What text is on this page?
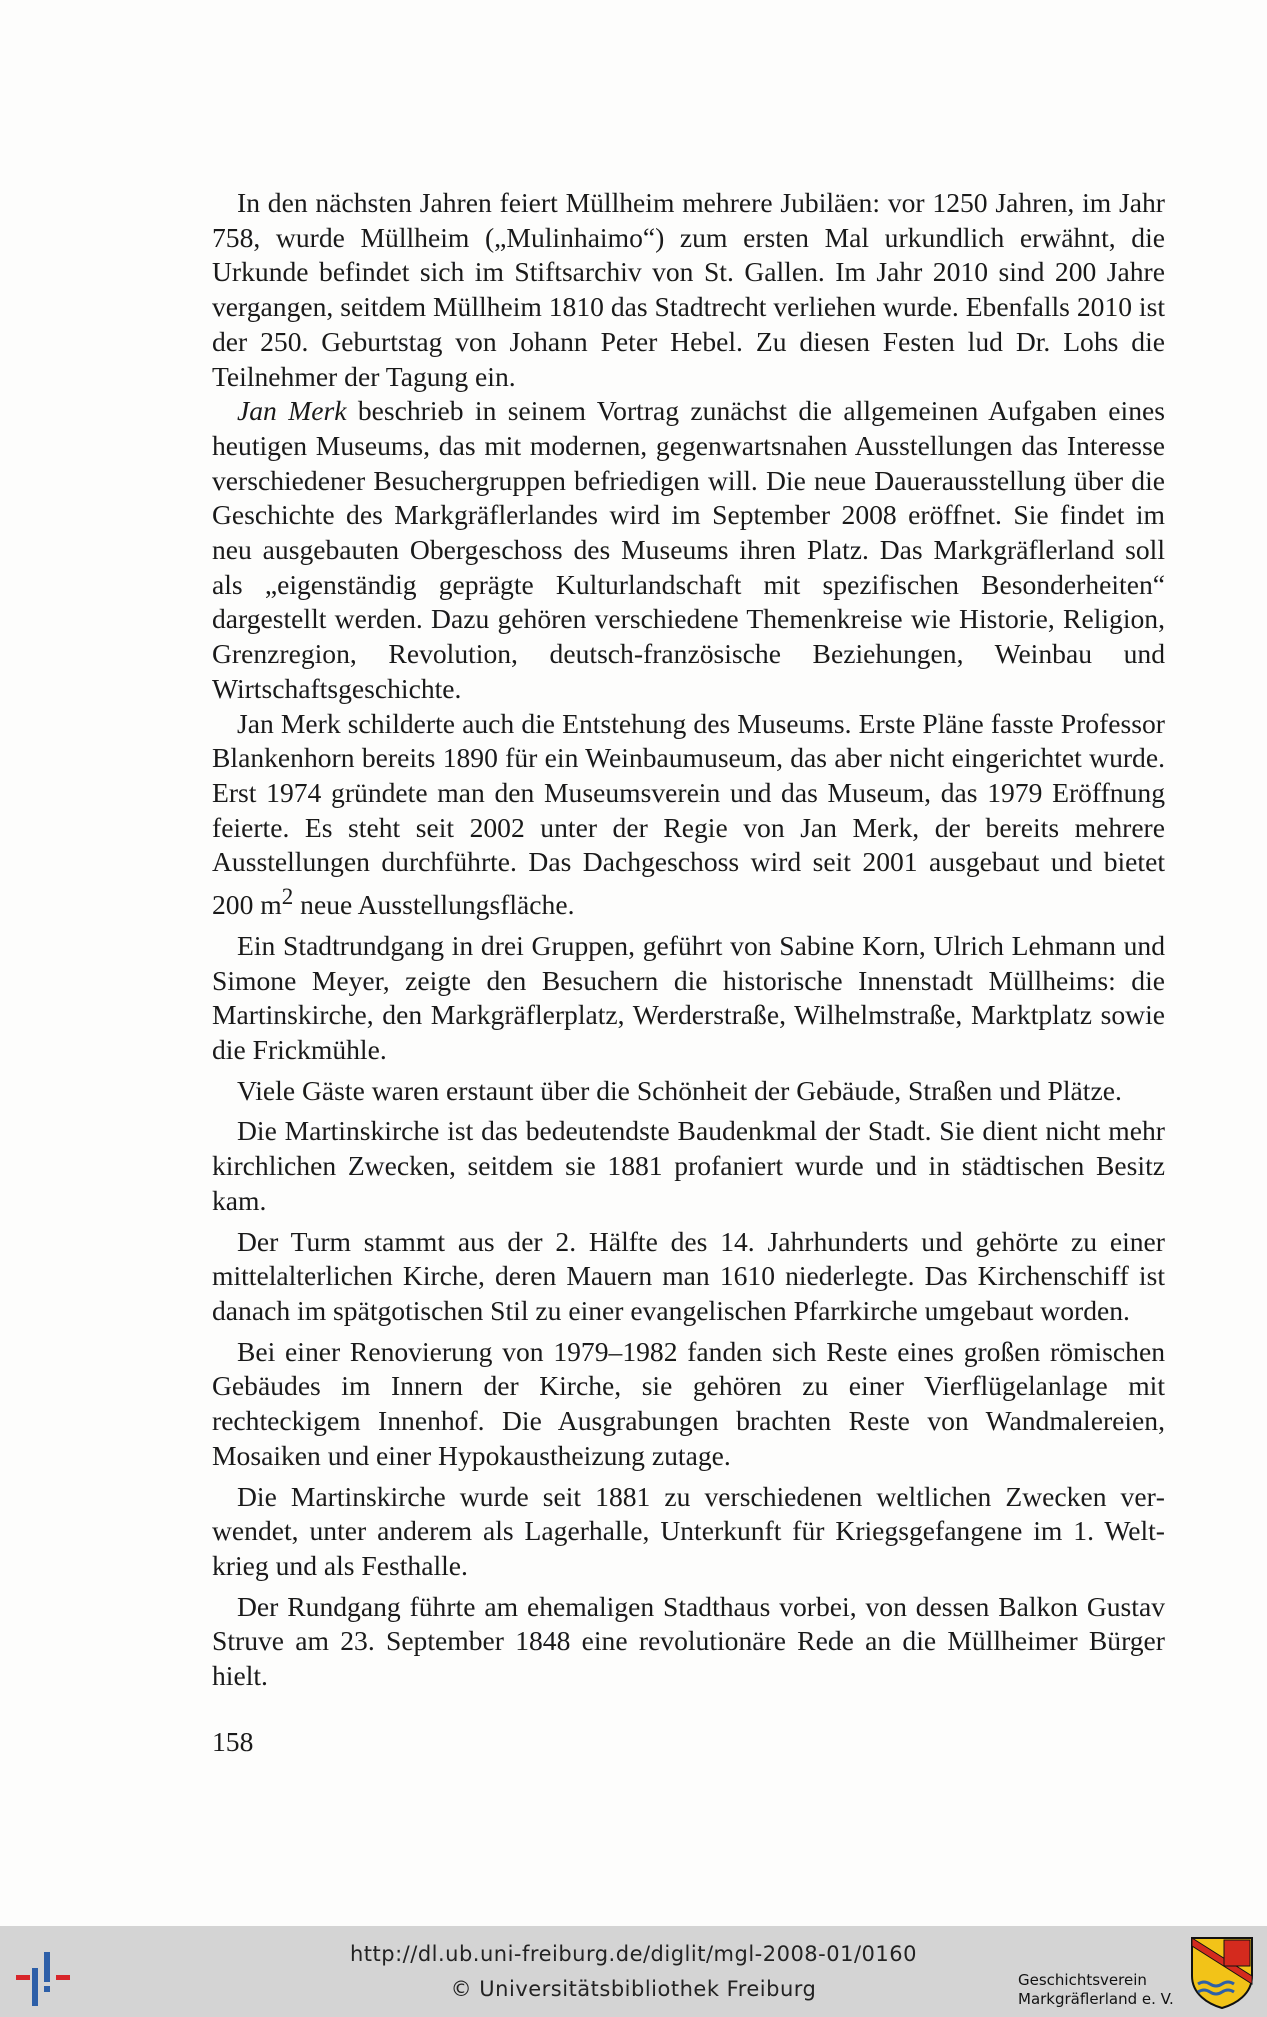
In den nächsten Jahren feiert Müllheim mehrere Jubiläen: vor 1250 Jahren, im Jahr 758, wurde Müllheim („Mulinhaimo“) zum ersten Mal urkundlich erwähnt, die Urkunde befindet sich im Stiftsarchiv von St. Gallen. Im Jahr 2010 sind 200 Jahre vergangen, seitdem Müllheim 1810 das Stadtrecht verliehen wurde. Ebenfalls 2010 ist der 250. Geburtstag von Johann Peter Hebel. Zu diesen Festen lud Dr. Lohs die Teilnehmer der Tagung ein.

Jan Merk beschrieb in seinem Vortrag zunächst die allgemeinen Aufgaben eines heutigen Museums, das mit modernen, gegenwartsnahen Ausstellungen das Interesse verschiedener Besuchergruppen befriedigen will. Die neue Dauerausstellung über die Geschichte des Markgräflerlandes wird im September 2008 eröffnet. Sie findet im neu ausgebauten Obergeschoss des Museums ihren Platz. Das Markgräflerland soll als „eigenständig geprägte Kulturlandschaft mit spezifischen Besonderheiten“ dargestellt werden. Dazu gehören verschiedene Themenkreise wie Historie, Religion, Grenzregion, Revolution, deutsch-französische Beziehungen, Weinbau und Wirtschaftsgeschichte.

Jan Merk schilderte auch die Entstehung des Museums. Erste Pläne fasste Professor Blankenhorn bereits 1890 für ein Weinbaumuseum, das aber nicht eingerichtet wurde. Erst 1974 gründete man den Museumsverein und das Museum, das 1979 Eröffnung feierte. Es steht seit 2002 unter der Regie von Jan Merk, der bereits mehrere Ausstellungen durchführte. Das Dachgeschoss wird seit 2001 ausgebaut und bietet 200 $m^2$ neue Ausstellungsfläche.

Ein Stadtrundgang in drei Gruppen, geführt von Sabine Korn, Ulrich Lehmann und Simone Meyer, zeigte den Besuchern die historische Innenstadt Müllheims: die Martinskirche, den Markgräflerplatz, Werderstraße, Wilhelmstraße, Marktplatz sowie die Frickmühle.

Viele Gäste waren erstaunt über die Schönheit der Gebäude, Straßen und Plätze.

Die Martinskirche ist das bedeutendste Baudenkmal der Stadt. Sie dient nicht mehr kirchlichen Zwecken, seitdem sie 1881 profaniert wurde und in städtischen Besitz kam.

Der Turm stammt aus der 2. Hälfte des 14. Jahrhunderts und gehörte zu einer mittelalterlichen Kirche, deren Mauern man 1610 niederlegte. Das Kirchenschiff ist danach im spätgotischen Stil zu einer evangelischen Pfarrkirche umgebaut worden.

Bei einer Renovierung von 1979–1982 fanden sich Reste eines großen römischen Gebäudes im Innern der Kirche, sie gehören zu einer Vierflügelanlage mit rechteckigem Innenhof. Die Ausgrabungen brachten Reste von Wandmalereien, Mosaiken und einer Hypokaustheizung zutage.

Die Martinskirche wurde seit 1881 zu verschiedenen weltlichen Zwecken verwendet, unter anderem als Lagerhalle, Unterkunft für Kriegsgefangene im 1. Weltkrieg und als Festhalle.

Der Rundgang führte am ehemaligen Stadthaus vorbei, von dessen Balkon Gustav Struve am 23. September 1848 eine revolutionäre Rede an die Müllheimer Bürger hielt.

158
http://dl.ub.uni-freiburg.de/diglit/mgl-2008-01/0160
© Universitätsbibliothek Freiburg	Geschichtsverein
Markgräflerland e. V.
